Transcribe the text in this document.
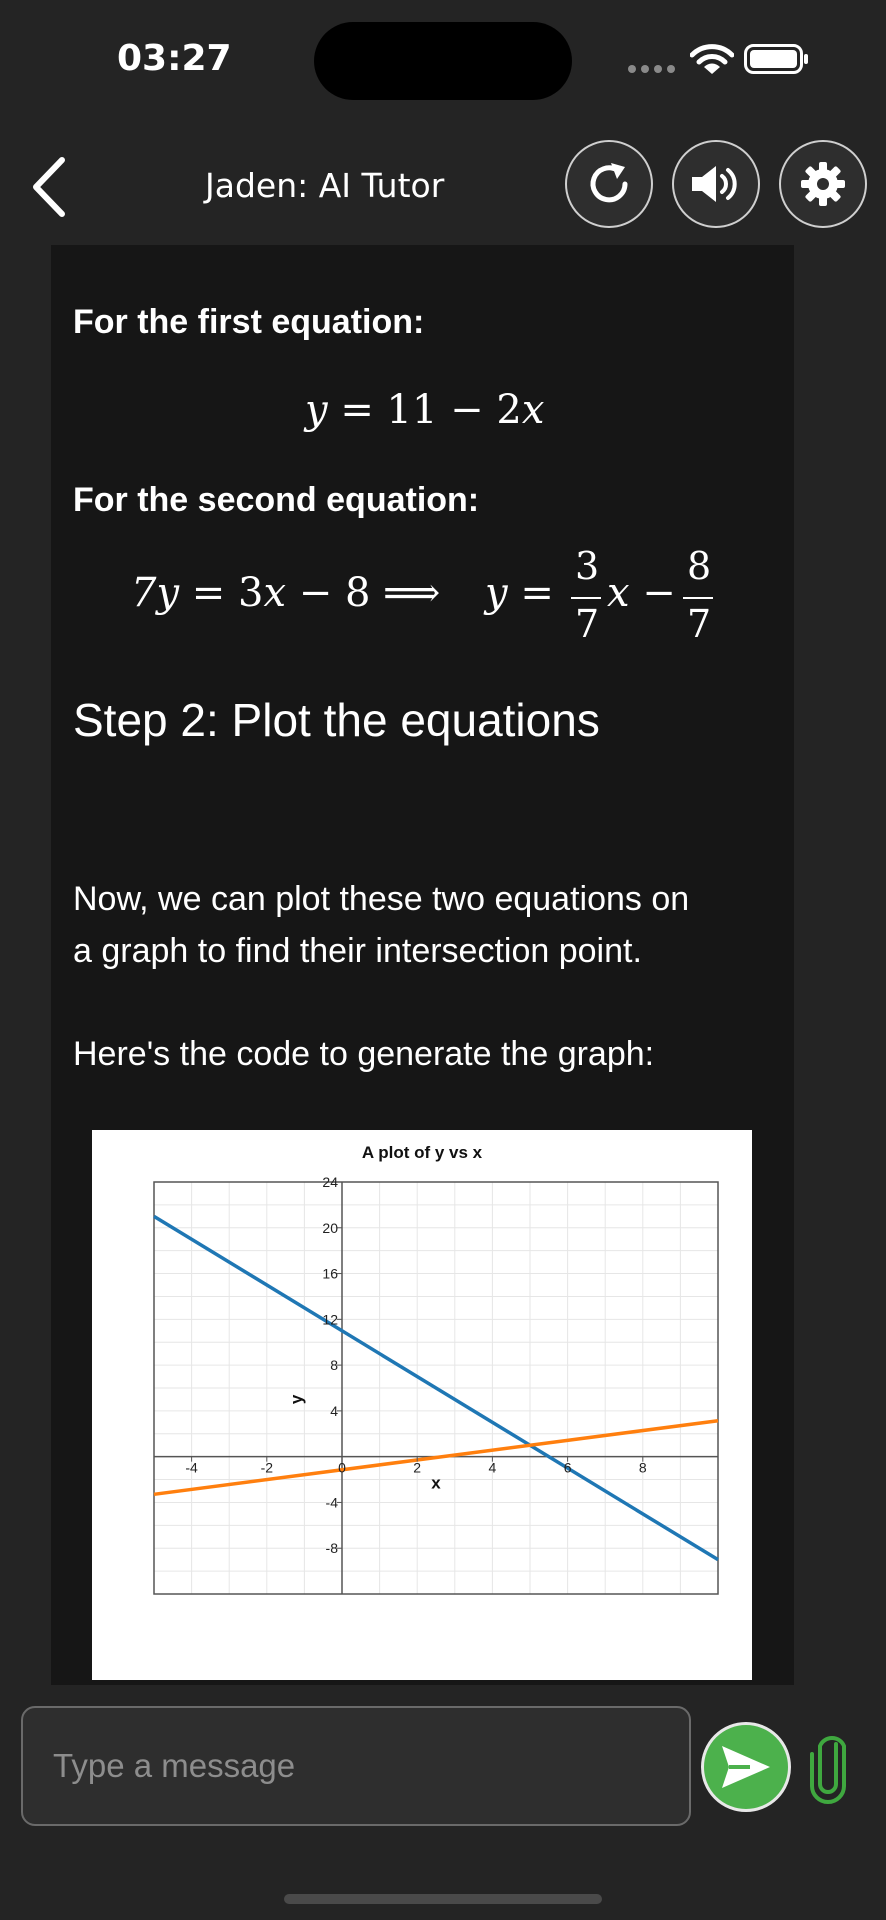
03:27
Jaden: AI Tutor
For the first equation:
y = 11 − 2x
For the second equation:
7y = 3x − 8 ⟹ y =
3
7
x −
8
7
Step 2: Plot the equations
Now, we can plot these two equations on
a graph to find their intersection point.
Here's the code to generate the graph:
-4	-2	0	2	4	6	8
24
20
16
12
8
4
-4
-8
A plot of y vs x
x
y
Type a message
